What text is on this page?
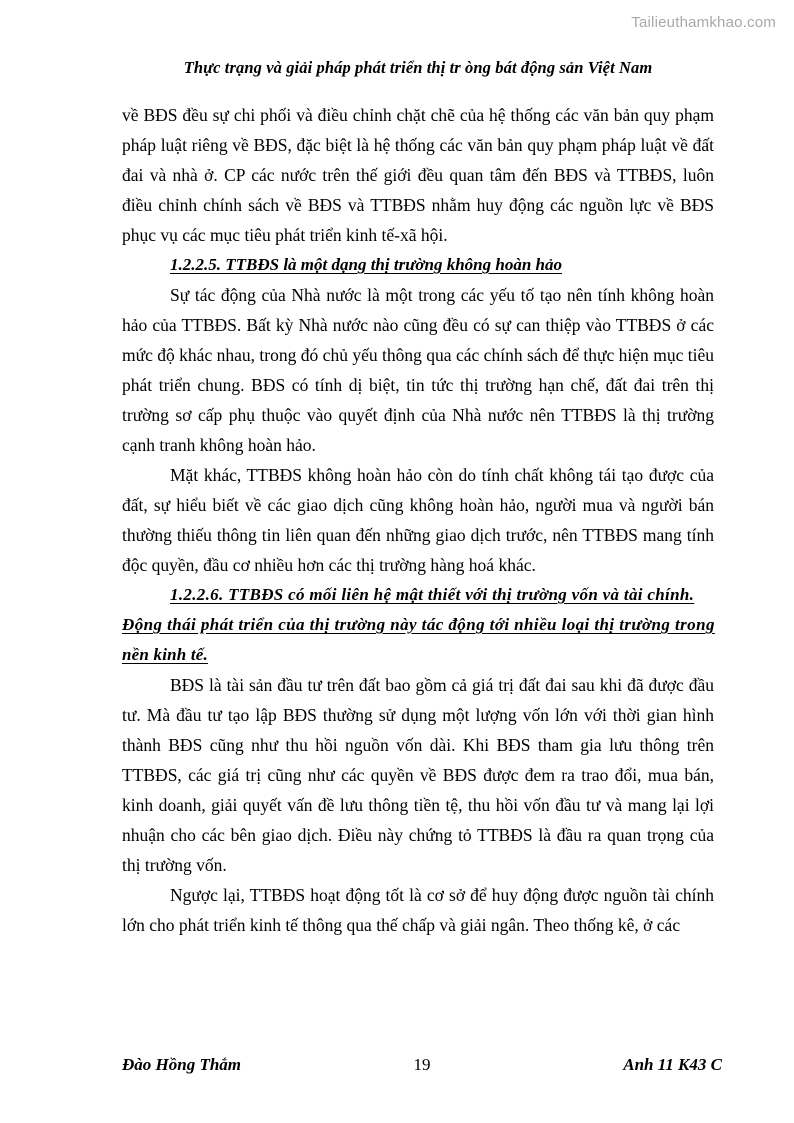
Tailieuthamkhao.com
Thực trạng và giải pháp phát triển thị tr òng bát động sản Việt Nam

về BĐS đều sự chi phối và điều chỉnh chặt chẽ của hệ thống các văn bản quy phạm pháp luật riêng về BĐS, đặc biệt là hệ thống các văn bản quy phạm pháp luật về đất đai và nhà ở. CP các nước trên thế giới đều quan tâm đến BĐS và TTBĐS, luôn điều chỉnh chính sách về BĐS và TTBĐS nhằm huy động các nguồn lực về BĐS phục vụ các mục tiêu phát triển kinh tế-xã hội.

1.2.2.5. TTBĐS là một dạng thị trường không hoàn hảo

Sự tác động của Nhà nước là một trong các yếu tố tạo nên tính không hoàn hảo của TTBĐS. Bất kỳ Nhà nước nào cũng đều có sự can thiệp vào TTBĐS ở các mức độ khác nhau, trong đó chủ yếu thông qua các chính sách để thực hiện mục tiêu phát triển chung. BĐS có tính dị biệt, tin tức thị trường hạn chế, đất đai trên thị trường sơ cấp phụ thuộc vào quyết định của Nhà nước nên TTBĐS là thị trường cạnh tranh không hoàn hảo.

Mặt khác, TTBĐS không hoàn hảo còn do tính chất không tái tạo được của đất, sự hiểu biết về các giao dịch cũng không hoàn hảo, người mua và người bán thường thiếu thông tin liên quan đến những giao dịch trước, nên TTBĐS mang tính độc quyền, đầu cơ nhiều hơn các thị trường hàng hoá khác.

1.2.2.6. TTBĐS có mối liên hệ mật thiết với thị trường vốn và tài chính.
Động thái phát triển của thị trường này tác động tới nhiều loại thị trường trong
nền kinh tế.

BĐS là tài sản đầu tư trên đất bao gồm cả giá trị đất đai sau khi đã được đầu tư. Mà đầu tư tạo lập BĐS thường sử dụng một lượng vốn lớn với thời gian hình thành BĐS cũng như thu hồi nguồn vốn dài. Khi BĐS tham gia lưu thông trên TTBĐS, các giá trị cũng như các quyền về BĐS được đem ra trao đổi, mua bán, kinh doanh, giải quyết vấn đề lưu thông tiền tệ, thu hồi vốn đầu tư và mang lại lợi nhuận cho các bên giao dịch. Điều này chứng tỏ TTBĐS là đầu ra quan trọng của thị trường vốn.

Ngược lại, TTBĐS hoạt động tốt là cơ sở để huy động được nguồn tài chính lớn cho phát triển kinh tế thông qua thế chấp và giải ngân. Theo thống kê, ở các

Đào Hồng Thắm	19	Anh 11 K43 C
